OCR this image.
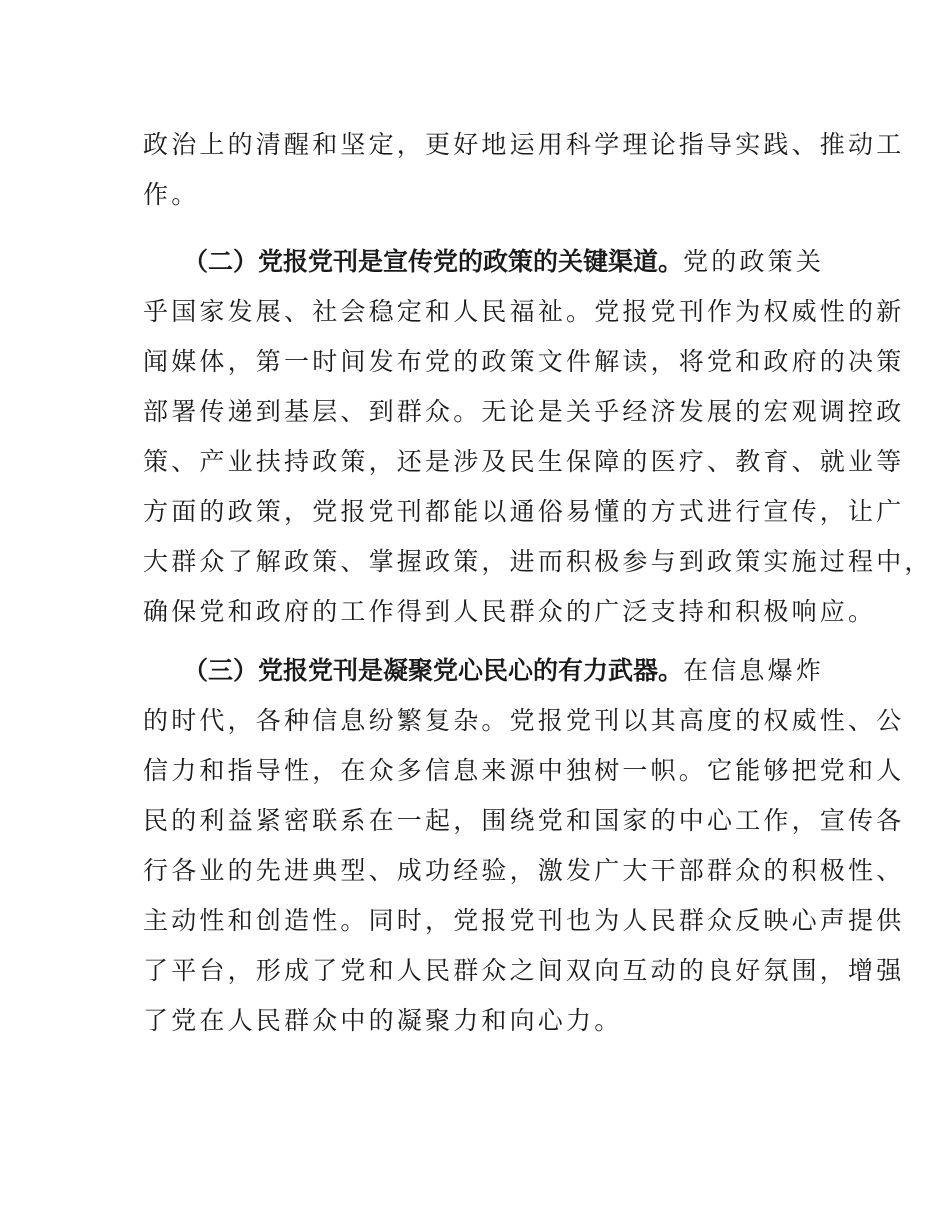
政治上的清醒和坚定，更好地运用科学理论指导实践、推动工
作。
（二）党报党刊是宣传党的政策的关键渠道。党的政策关
乎国家发展、社会稳定和人民福祉。党报党刊作为权威性的新
闻媒体，第一时间发布党的政策文件解读，将党和政府的决策
部署传递到基层、到群众。无论是关乎经济发展的宏观调控政
策、产业扶持政策，还是涉及民生保障的医疗、教育、就业等
方面的政策，党报党刊都能以通俗易懂的方式进行宣传，让广
大群众了解政策、掌握政策，进而积极参与到政策实施过程中，
确保党和政府的工作得到人民群众的广泛支持和积极响应。
（三）党报党刊是凝聚党心民心的有力武器。在信息爆炸
的时代，各种信息纷繁复杂。党报党刊以其高度的权威性、公
信力和指导性，在众多信息来源中独树一帜。它能够把党和人
民的利益紧密联系在一起，围绕党和国家的中心工作，宣传各
行各业的先进典型、成功经验，激发广大干部群众的积极性、
主动性和创造性。同时，党报党刊也为人民群众反映心声提供
了平台，形成了党和人民群众之间双向互动的良好氛围，增强
了党在人民群众中的凝聚力和向心力。
